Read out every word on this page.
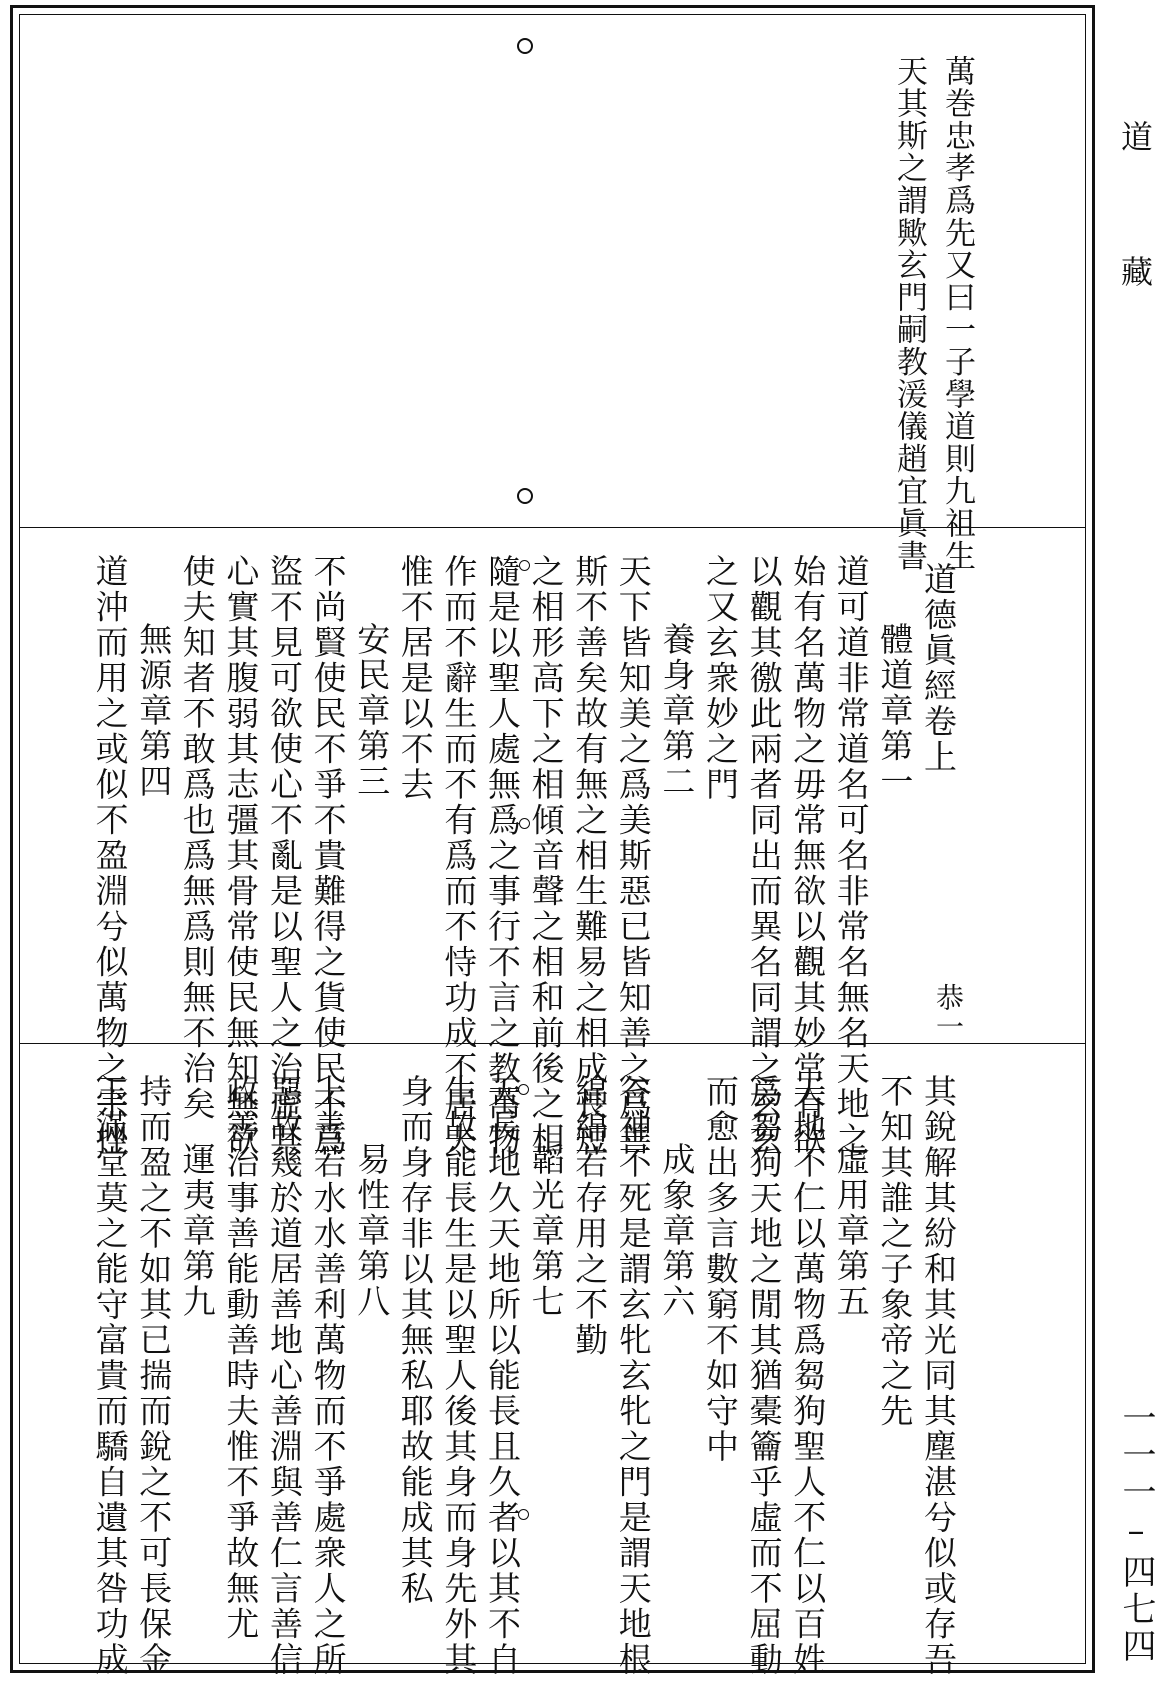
萬巻忠孝爲先又曰一子學道則九祖生
天其斯之謂歟玄門嗣教湲儀趙宜眞書
道德眞經卷上
體道章第一
道可道非常道名可名非常名無名天地之
始有名萬物之毋常無欲以觀其妙常有欲
以觀其徼此兩者同出而異名同謂之玄玄
之又玄衆妙之門
養身章第二
天下皆知美之爲美斯惡已皆知善之爲善
斯不善矣故有無之相生難易之相成長短
之相形高下之相傾音聲之相和前後之相
隨是以聖人處無爲之事行不言之教萬物
作而不辭生而不有爲而不恃功成不居夫
惟不居是以不去
安民章第三
不尚賢使民不爭不貴難得之貨使民不爲
盜不見可欲使心不亂是以聖人之治虛其
心實其腹弱其志彊其骨常使民無知無欲
使夫知者不敢爲也爲無爲則無不治矣
無源章第四
道沖而用之或似不盈淵兮似萬物之宗挫	恭一
其銳解其紛和其光同其塵湛兮似或存吾
不知其誰之子象帝之先
虛用章第五
天地不仁以萬物爲芻狗聖人不仁以百姓
爲芻狗天地之閒其猶橐籥乎虛而不屈動
而愈出多言數窮不如守中
成象章第六
谷神不死是謂玄牝玄牝之門是謂天地根
綿綿若存用之不勤
韜光章第七
天長地久天地所以能長且久者以其不自
生故能長生是以聖人後其身而身先外其
身而身存非以其無私耶故能成其私
易性章第八
上善若水水善利萬物而不爭處衆人之所
惡故幾於道居善地心善淵與善仁言善信
政善治事善能動善時夫惟不爭故無尤
運夷章第九
持而盈之不如其已揣而銳之不可長保金
玉滿堂莫之能守富貴而驕自遺其咎功成
道
藏
一一一–四七四
